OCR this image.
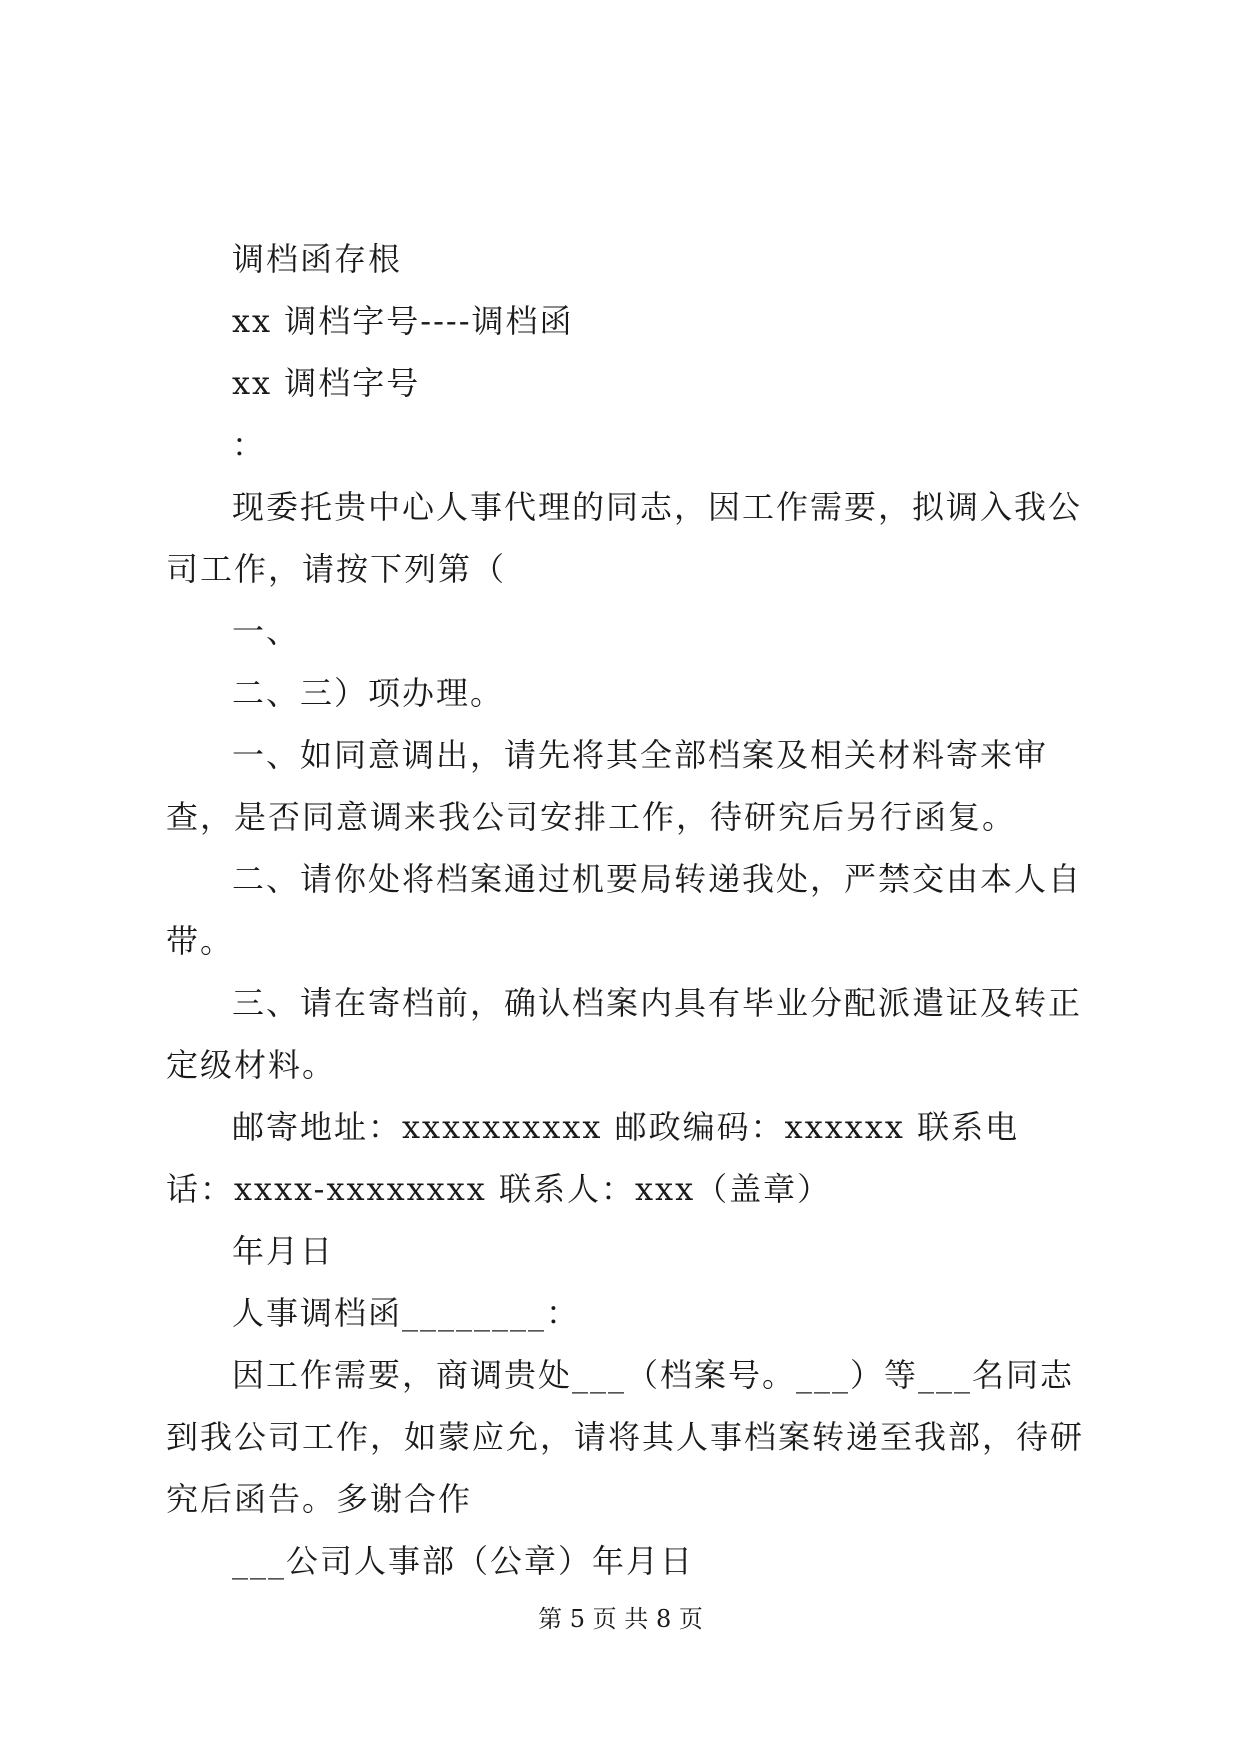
调档函存根

xx 调档字号----调档函

xx 调档字号

：

现委托贵中心人事代理的同志，因工作需要，拟调入我公司工作，请按下列第（

一、

二、三）项办理。

一、如同意调出，请先将其全部档案及相关材料寄来审查，是否同意调来我公司安排工作，待研究后另行函复。

二、请你处将档案通过机要局转递我处，严禁交由本人自带。

三、请在寄档前，确认档案内具有毕业分配派遣证及转正定级材料。

邮寄地址：xxxxxxxxxx 邮政编码：xxxxxx 联系电话：xxxx-xxxxxxxx 联系人：xxx（盖章）

年月日

人事调档函________：

因工作需要，商调贵处___（档案号。___）等___名同志到我公司工作，如蒙应允，请将其人事档案转递至我部，待研究后函告。多谢合作

___公司人事部（公章）年月日

第 5 页 共 8 页
